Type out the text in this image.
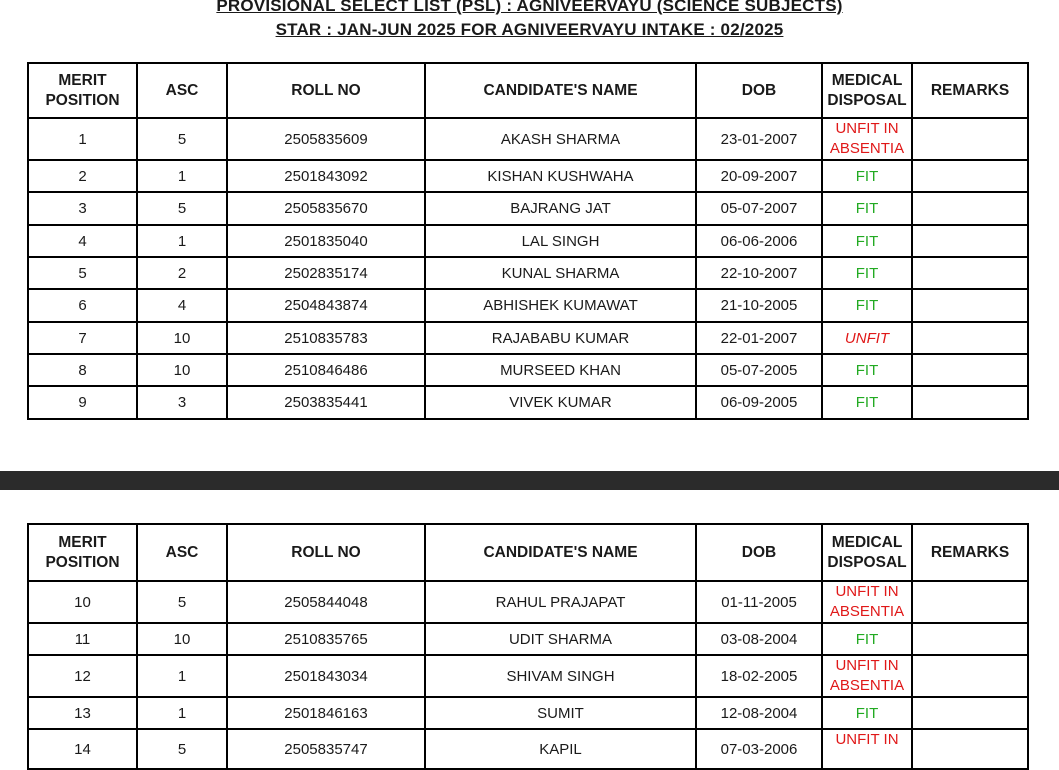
PROVISIONAL SELECT LIST (PSL) : AGNIVEERVAYU (SCIENCE SUBJECTS)
STAR : JAN-JUN 2025 FOR AGNIVEERVAYU INTAKE : 02/2025
MERIT
POSITION	ASC	ROLL NO	CANDIDATE'S NAME	DOB	MEDICAL
DISPOSAL	REMARKS
1	5	2505835609	AKASH SHARMA	23-01-2007	UNFIT IN
ABSENTIA	
2	1	2501843092	KISHAN KUSHWAHA	20-09-2007	FIT	
3	5	2505835670	BAJRANG JAT	05-07-2007	FIT	
4	1	2501835040	LAL SINGH	06-06-2006	FIT	
5	2	2502835174	KUNAL SHARMA	22-10-2007	FIT	
6	4	2504843874	ABHISHEK KUMAWAT	21-10-2005	FIT	
7	10	2510835783	RAJABABU KUMAR	22-01-2007	UNFIT	
8	10	2510846486	MURSEED KHAN	05-07-2005	FIT	
9	3	2503835441	VIVEK KUMAR	06-09-2005	FIT	
MERIT
POSITION	ASC	ROLL NO	CANDIDATE'S NAME	DOB	MEDICAL
DISPOSAL	REMARKS
10	5	2505844048	RAHUL PRAJAPAT	01-11-2005	UNFIT IN
ABSENTIA	
11	10	2510835765	UDIT SHARMA	03-08-2004	FIT	
12	1	2501843034	SHIVAM SINGH	18-02-2005	UNFIT IN
ABSENTIA	
13	1	2501846163	SUMIT	12-08-2004	FIT	
14	5	2505835747	KAPIL	07-03-2006	UNFIT IN
